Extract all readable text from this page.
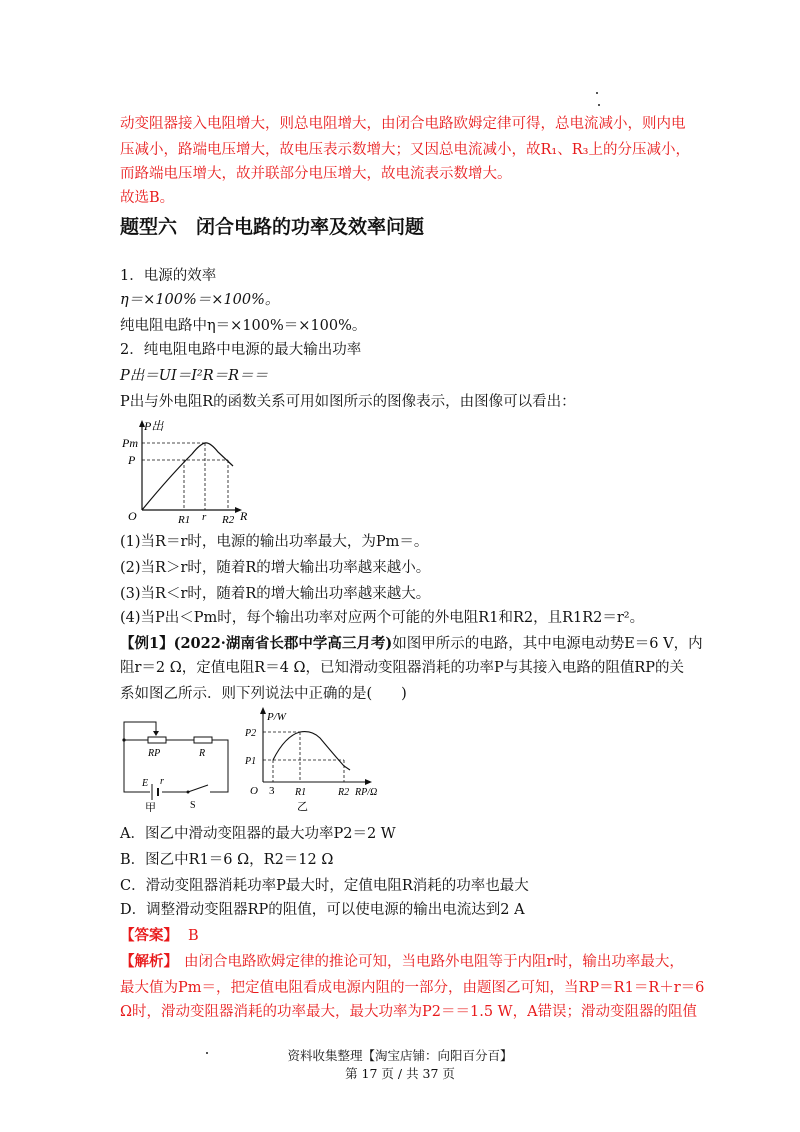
动变阻器接入电阻增大，则总电阻增大，由闭合电路欧姆定律可得，总电流减小，则内电
压减小，路端电压增大，故电压表示数增大；又因总电流减小，故R₁、R₃上的分压减小，
而路端电压增大，故并联部分电压增大，故电流表示数增大。
故选B。
题型六　闭合电路的功率及效率问题
1．电源的效率
η＝×100%＝×100%。
纯电阻电路中η＝×100%＝×100%。
2．纯电阻电路中电源的最大输出功率
P出＝UI＝I²R＝R＝＝
P出与外电阻R的函数关系可用如图所示的图像表示，由图像可以看出：
P出
Pm
P
O	R1 r R2 R
(1)当R＝r时，电源的输出功率最大，为Pm＝。
(2)当R＞r时，随着R的增大输出功率越来越小。
(3)当R＜r时，随着R的增大输出功率越来越大。
(4)当P出＜Pm时，每个输出功率对应两个可能的外电阻R1和R2，且R1R2＝r²。
【例1】(2022·湖南省长郡中学高三月考)如图甲所示的电路，其中电源电动势E＝6 V，内
阻r＝2 Ω，定值电阻R＝4 Ω，已知滑动变阻器消耗的功率P与其接入电路的阻值RP的关
系如图乙所示．则下列说法中正确的是(　　)
RP	R
E r
S
甲
P/W
P2
P1
O 3 R1	R2 RP/Ω
乙
A．图乙中滑动变阻器的最大功率P2＝2 W
B．图乙中R1＝6 Ω，R2＝12 Ω
C．滑动变阻器消耗功率P最大时，定值电阻R消耗的功率也最大
D．调整滑动变阻器RP的阻值，可以使电源的输出电流达到2 A
【答案】 B
【解析】 由闭合电路欧姆定律的推论可知，当电路外电阻等于内阻r时，输出功率最大，
最大值为Pm＝，把定值电阻看成电源内阻的一部分，由题图乙可知，当RP＝R1＝R＋r＝6
Ω时，滑动变阻器消耗的功率最大，最大功率为P2＝＝1.5 W，A错误；滑动变阻器的阻值
资料收集整理【淘宝店铺：向阳百分百】
第 17 页 / 共 37 页
